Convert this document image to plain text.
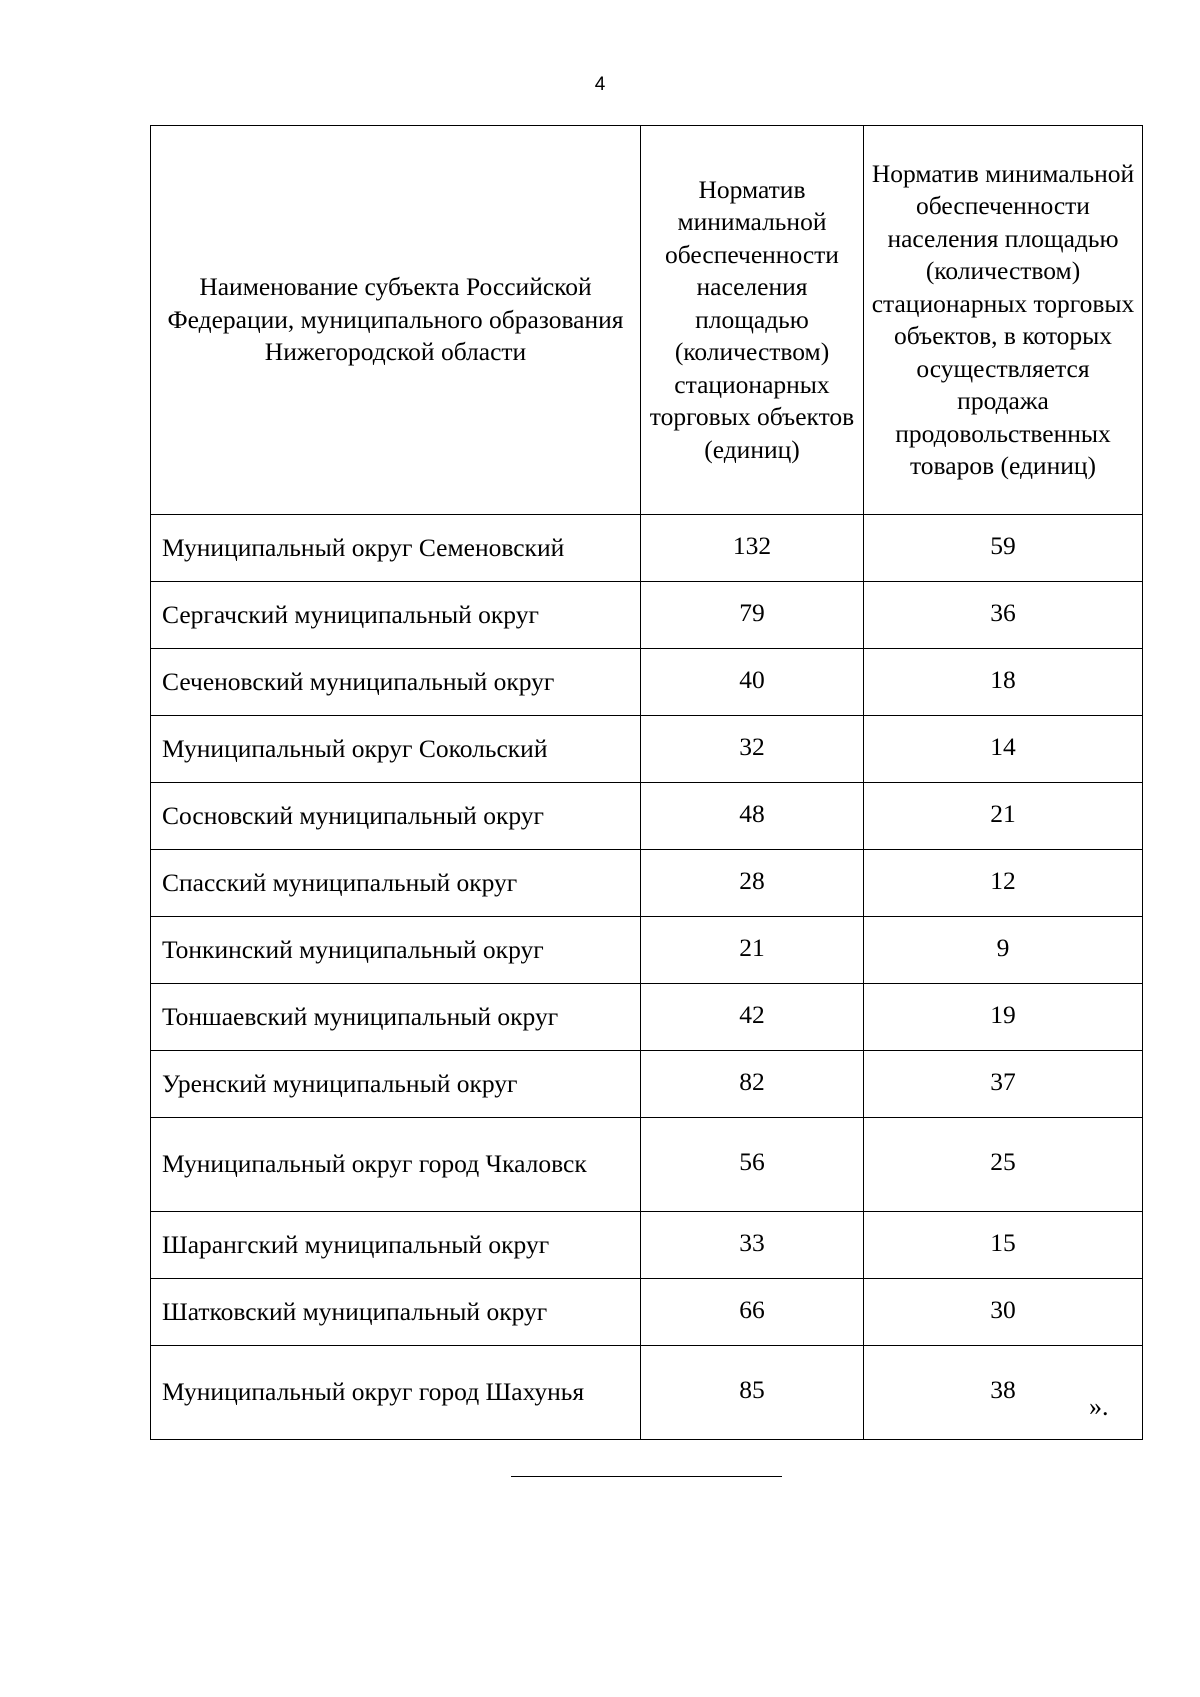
4
Наименование субъекта Российской Федерации, муниципального образования Нижегородской области	Норматив минимальной обеспеченности населения площадью (количеством) стационарных торговых объектов (единиц)	Норматив минимальной обеспеченности населения площадью (количеством) стационарных торговых объектов, в которых осуществляется продажа продовольственных товаров (единиц)
Муниципальный округ Семеновский	132	59
Сергачский муниципальный округ	79	36
Сеченовский муниципальный округ	40	18
Муниципальный округ Сокольский	32	14
Сосновский муниципальный округ	48	21
Спасский муниципальный округ	28	12
Тонкинский муниципальный округ	21	9
Тоншаевский муниципальный округ	42	19
Уренский муниципальный округ	82	37
Муниципальный округ город Чкаловск	56	25
Шарангский муниципальный округ	33	15
Шатковский муниципальный округ	66	30
Муниципальный округ город Шахунья	85	38
».
